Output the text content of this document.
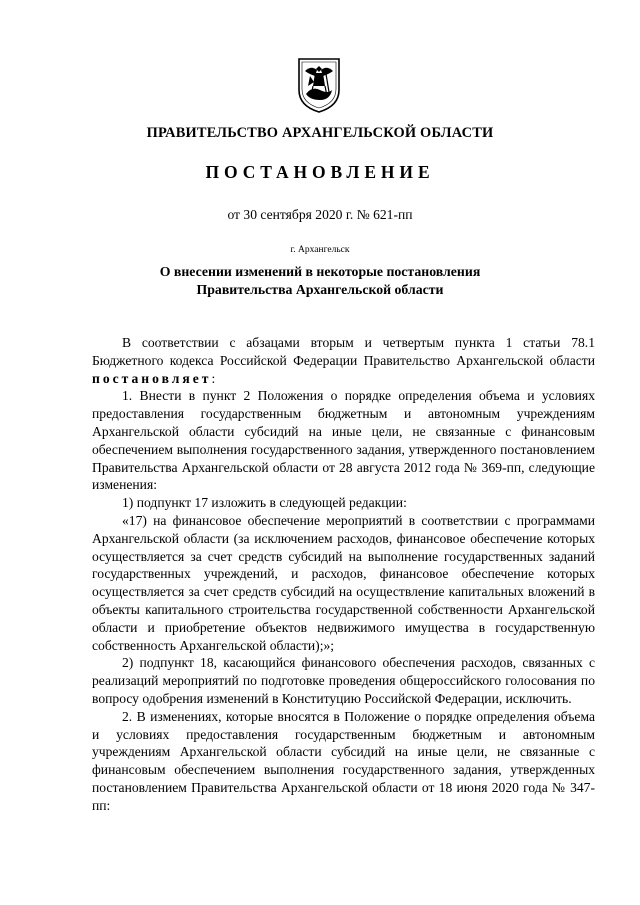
ПРАВИТЕЛЬСТВО АРХАНГЕЛЬСКОЙ ОБЛАСТИ
ПОСТАНОВЛЕНИЕ
от 30 сентября 2020 г. № 621-пп
г. Архангельск
О внесении изменений в некоторые постановления
Правительства Архангельской области

В соответствии с абзацами вторым и четвертым пункта 1 статьи 78.1 Бюджетного кодекса Российской Федерации Правительство Архангельской области постановляет:

1. Внести в пункт 2 Положения о порядке определения объема и условиях предоставления государственным бюджетным и автономным учреждениям Архангельской области субсидий на иные цели, не связанные с финансовым обеспечением выполнения государственного задания, утвержденного постановлением Правительства Архангельской области от 28 августа 2012 года № 369-пп, следующие изменения:

1) подпункт 17 изложить в следующей редакции:

«17) на финансовое обеспечение мероприятий в соответствии с программами Архангельской области (за исключением расходов, финансовое обеспечение которых осуществляется за счет средств субсидий на выполнение государственных заданий государственных учреждений, и расходов, финансовое обеспечение которых осуществляется за счет средств субсидий на осуществление капитальных вложений в объекты капитального строительства государственной собственности Архангельской области и приобретение объектов недвижимого имущества в государственную собственность Архангельской области);»;

2) подпункт 18, касающийся финансового обеспечения расходов, связанных с реализаций мероприятий по подготовке проведения общероссийского голосования по вопросу одобрения изменений в Конституцию Российской Федерации, исключить.

2. В изменениях, которые вносятся в Положение о порядке определения объема и условиях предоставления государственным бюджетным и автономным учреждениям Архангельской области субсидий на иные цели, не связанные с финансовым обеспечением выполнения государственного задания, утвержденных постановлением Правительства Архангельской области от 18 июня 2020 года № 347-пп:
